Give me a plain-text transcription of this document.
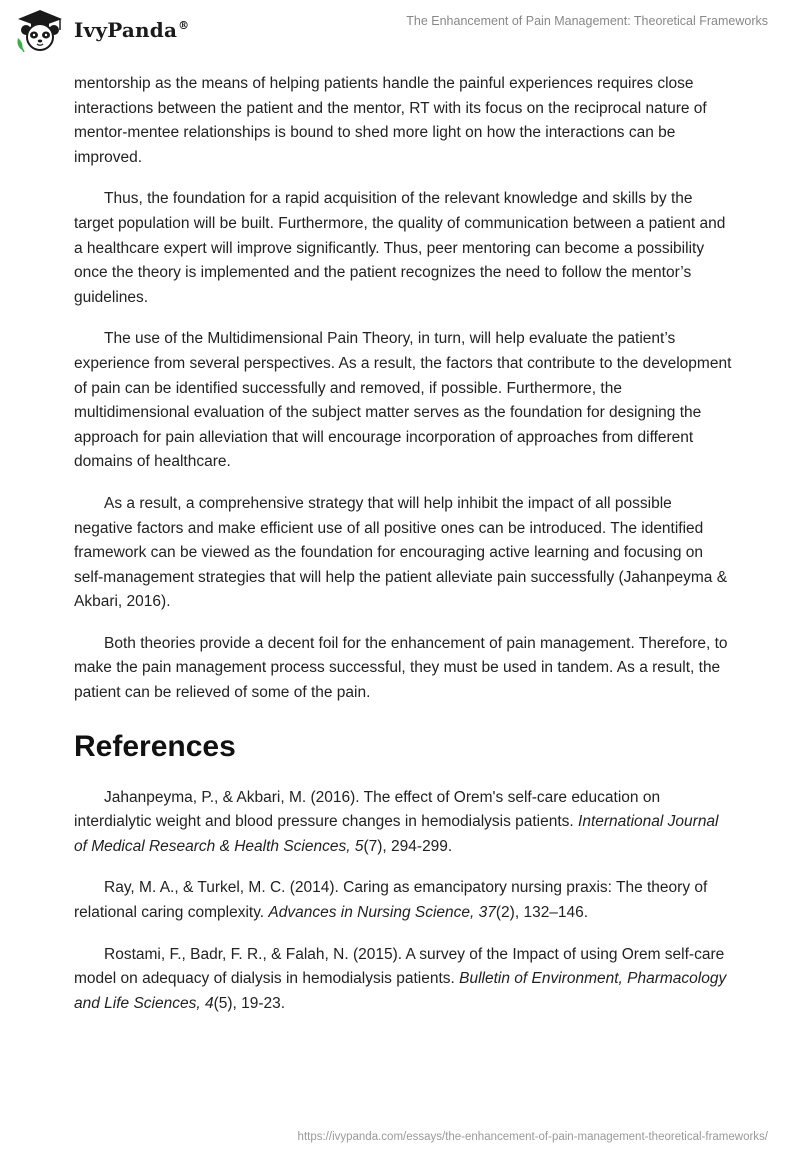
IvyPanda®	The Enhancement of Pain Management: Theoretical Frameworks

mentorship as the means of helping patients handle the painful experiences requires close interactions between the patient and the mentor, RT with its focus on the reciprocal nature of mentor-mentee relationships is bound to shed more light on how the interactions can be improved.

Thus, the foundation for a rapid acquisition of the relevant knowledge and skills by the target population will be built. Furthermore, the quality of communication between a patient and a healthcare expert will improve significantly. Thus, peer mentoring can become a possibility once the theory is implemented and the patient recognizes the need to follow the mentor’s guidelines.

The use of the Multidimensional Pain Theory, in turn, will help evaluate the patient’s experience from several perspectives. As a result, the factors that contribute to the development of pain can be identified successfully and removed, if possible. Furthermore, the multidimensional evaluation of the subject matter serves as the foundation for designing the approach for pain alleviation that will encourage incorporation of approaches from different domains of healthcare.

As a result, a comprehensive strategy that will help inhibit the impact of all possible negative factors and make efficient use of all positive ones can be introduced. The identified framework can be viewed as the foundation for encouraging active learning and focusing on self-management strategies that will help the patient alleviate pain successfully (Jahanpeyma & Akbari, 2016).

Both theories provide a decent foil for the enhancement of pain management. Therefore, to make the pain management process successful, they must be used in tandem. As a result, the patient can be relieved of some of the pain.

References

Jahanpeyma, P., & Akbari, M. (2016). The effect of Orem's self-care education on interdialytic weight and blood pressure changes in hemodialysis patients. International Journal of Medical Research & Health Sciences, 5(7), 294-299.

Ray, M. A., & Turkel, M. C. (2014). Caring as emancipatory nursing praxis: The theory of relational caring complexity. Advances in Nursing Science, 37(2), 132–146.

Rostami, F., Badr, F. R., & Falah, N. (2015). A survey of the Impact of using Orem self-care model on adequacy of dialysis in hemodialysis patients. Bulletin of Environment, Pharmacology and Life Sciences, 4(5), 19-23.

https://ivypanda.com/essays/the-enhancement-of-pain-management-theoretical-frameworks/
